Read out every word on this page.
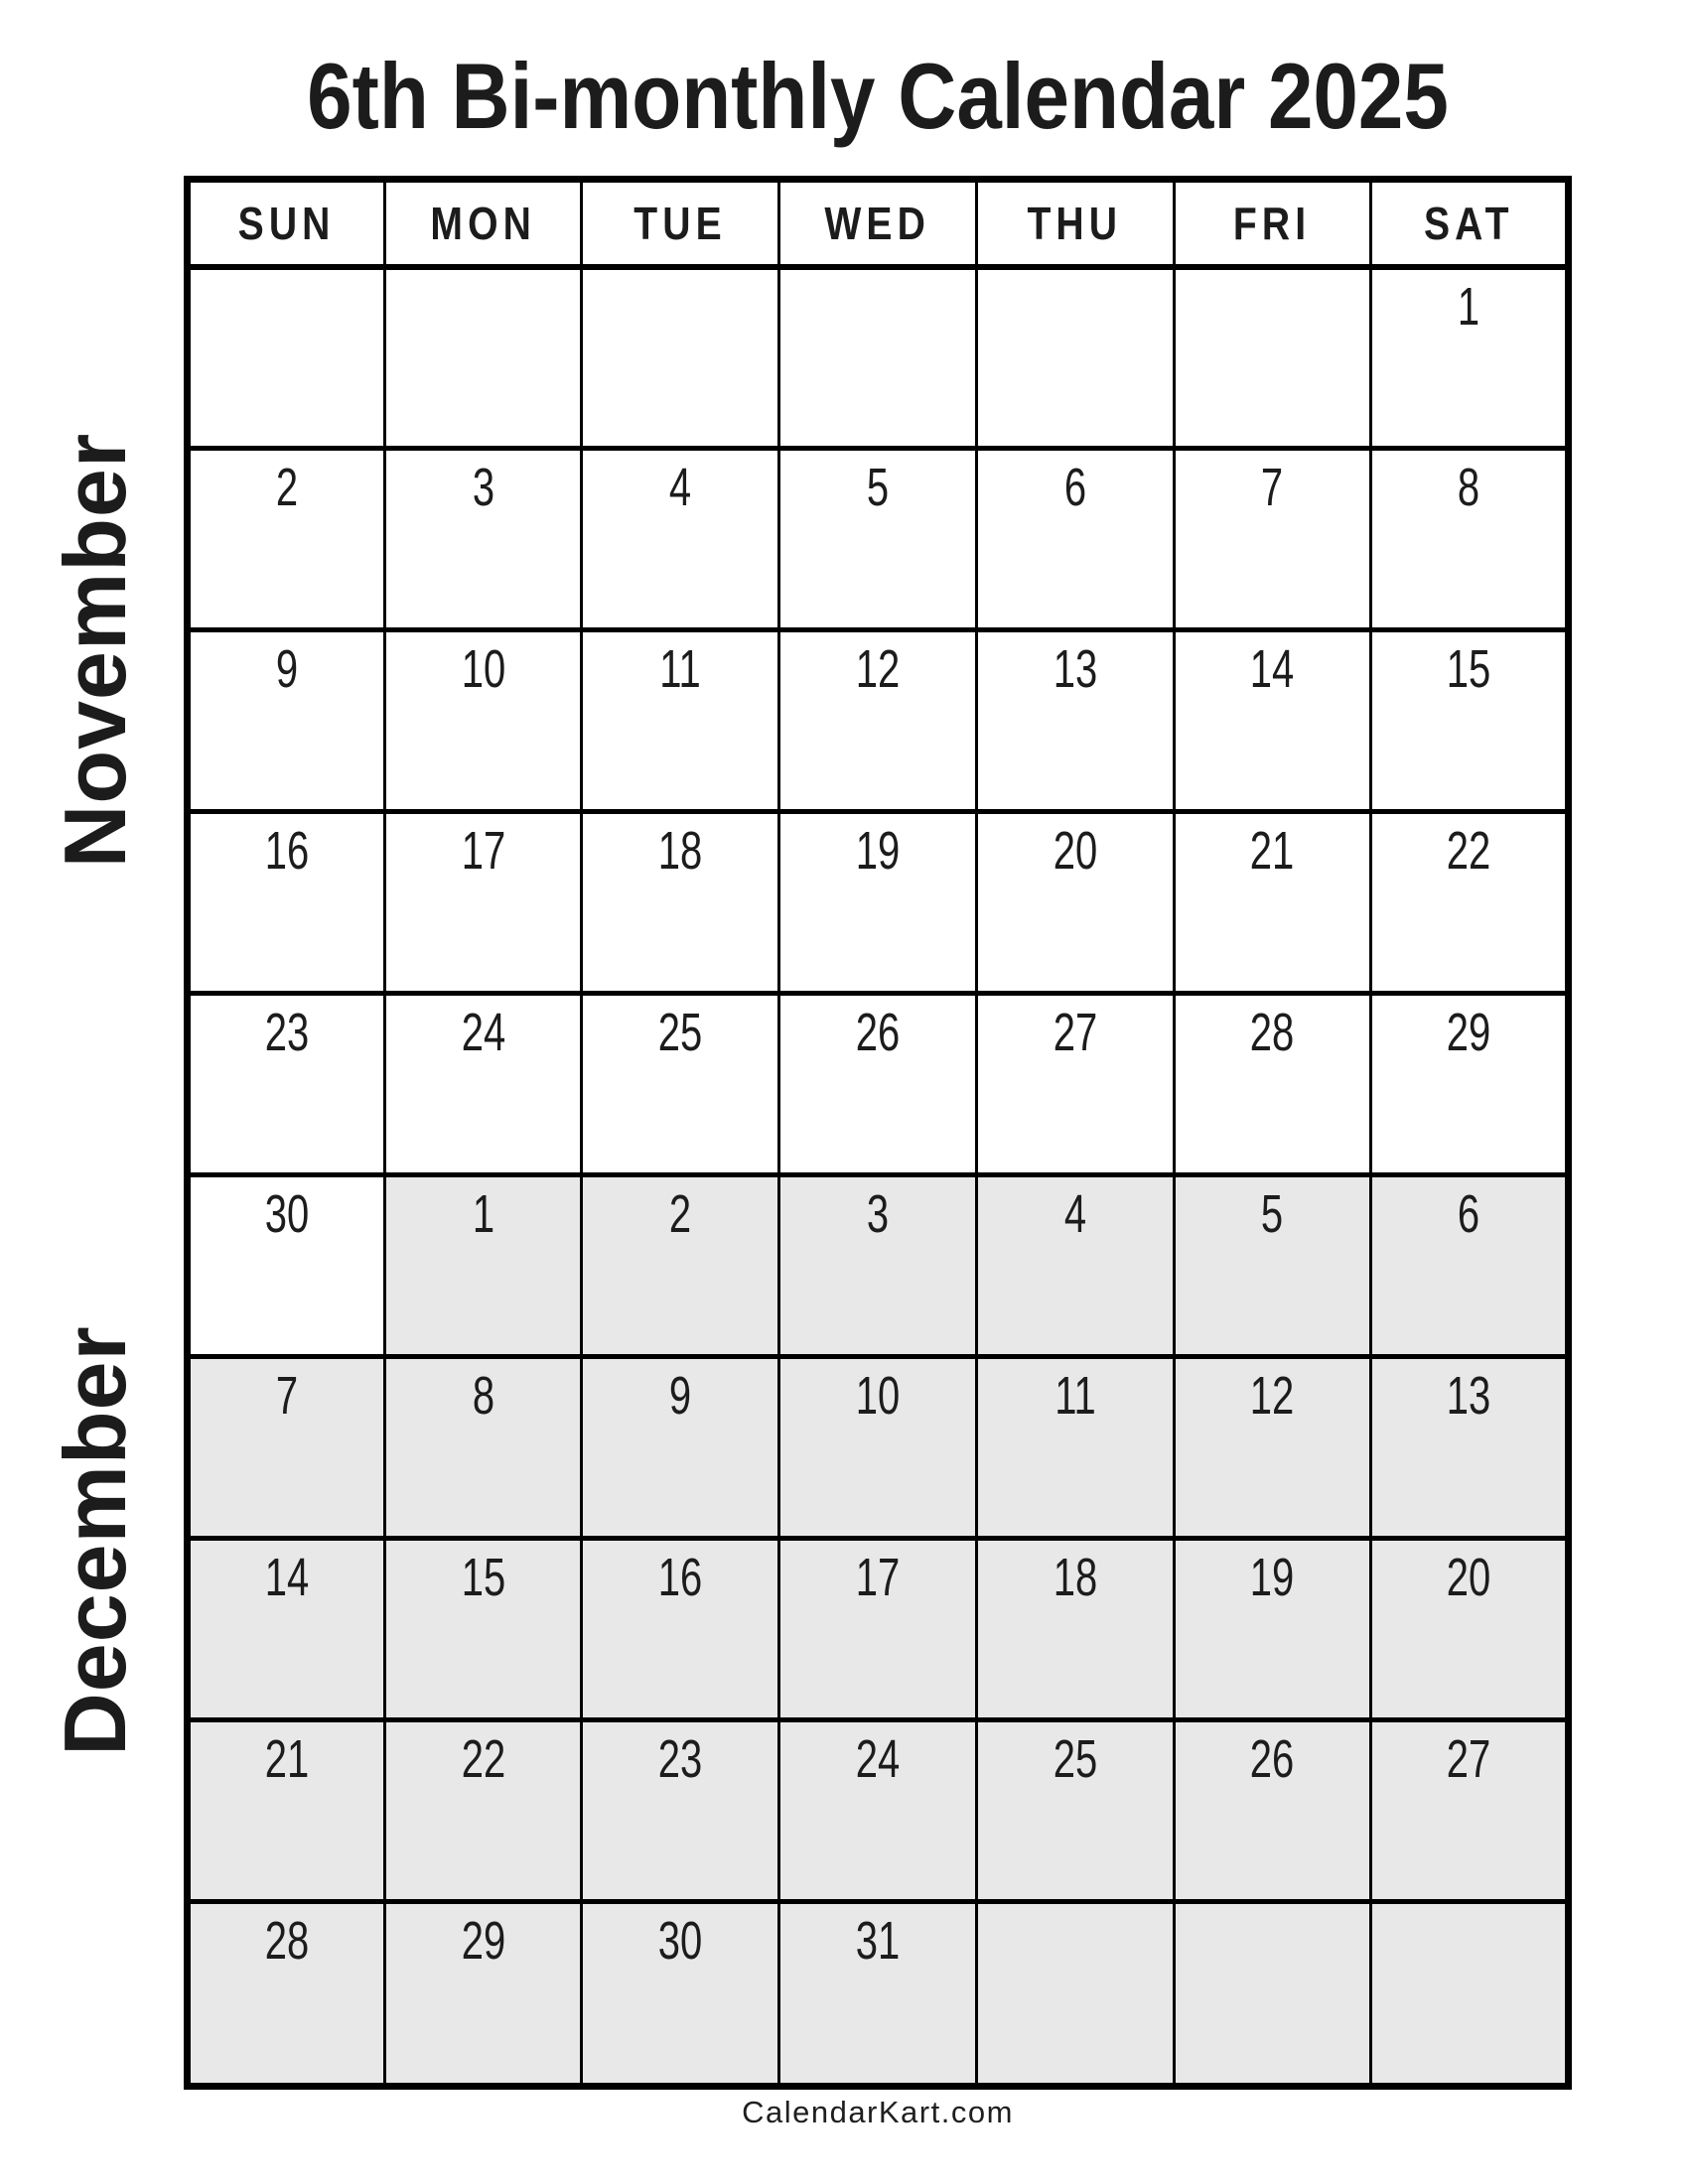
6th Bi-monthly Calendar 2025
November
December
SUN	MON	TUE	WED	THU	FRI	SAT
						1
2	3	4	5	6	7	8
9	10	11	12	13	14	15
16	17	18	19	20	21	22
23	24	25	26	27	28	29
30	1	2	3	4	5	6
7	8	9	10	11	12	13
14	15	16	17	18	19	20
21	22	23	24	25	26	27
28	29	30	31			
CalendarKart.com
